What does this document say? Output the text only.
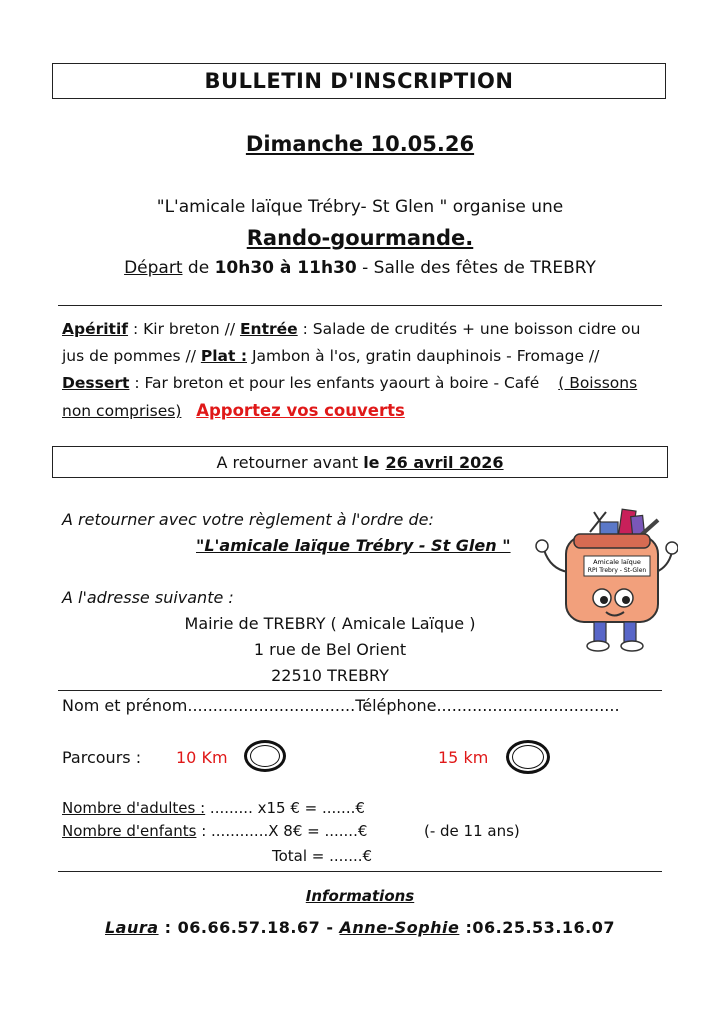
BULLETIN D'INSCRIPTION
Dimanche 10.05.26
"L'amicale laïque Trébry- St Glen " organise une
Rando-gourmande.
Départ de 10h30 à 11h30 - Salle des fêtes de TREBRY
Apéritif : Kir breton // Entrée : Salade de crudités + une boisson cidre ou jus de pommes // Plat : Jambon à l'os, gratin dauphinois - Fromage // Dessert : Far breton et pour les enfants yaourt à boire - Café ( Boissons non comprises) Apportez vos couverts
A retourner avant le 26 avril 2026
A retourner avec votre règlement à l'ordre de:
"L'amicale laïque Trébry - St Glen "
A l'adresse suivante :
Mairie de TREBRY ( Amicale Laïque )
1 rue de Bel Orient
22510 TREBRY
Amicale laïque
RPI Trebry - St-Glen
Nom et prénom.................................Téléphone....................................
Parcours : 10 Km	15 km
Nombre d'adultes : ......... x15 € = .......€
Nombre d'enfants : ............X 8€ = .......€	(- de 11 ans)
Total = .......€
Informations
Laura : 06.66.57.18.67 - Anne-Sophie :06.25.53.16.07
